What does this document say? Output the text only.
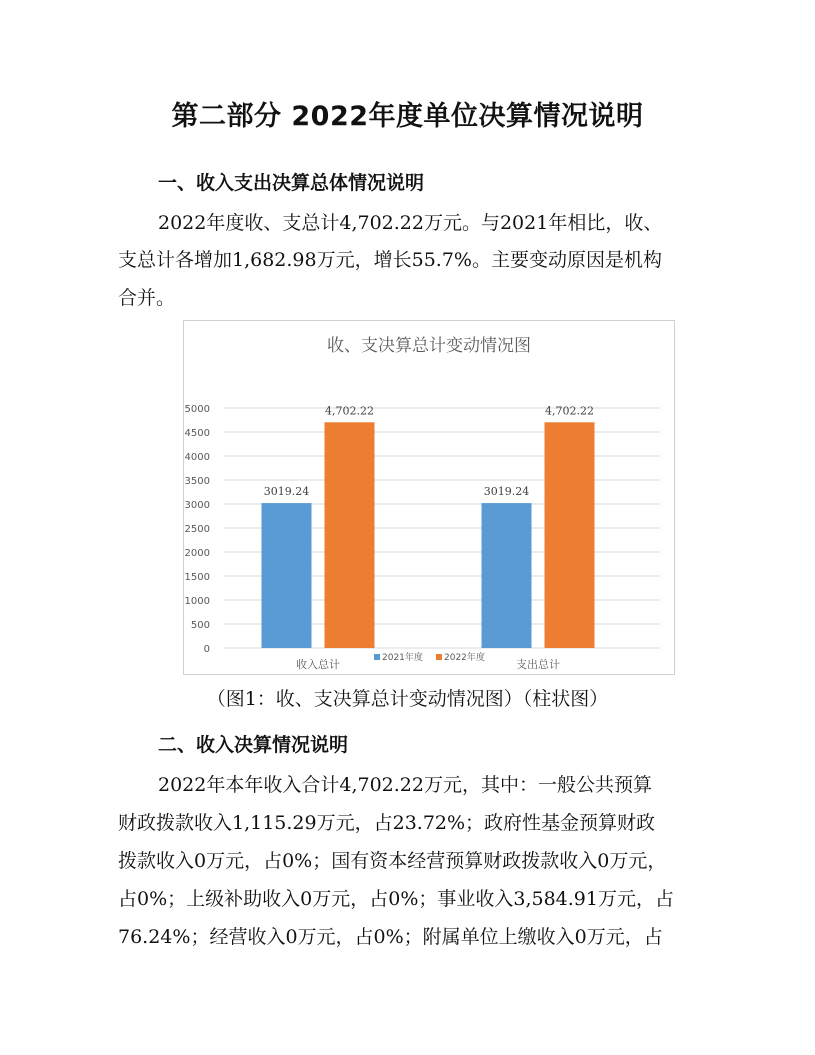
第二部分 2022年度单位决算情况说明
一、收入支出决算总体情况说明
2022年度收、支总计4,702.22万元。与2021年相比，收、
支总计各增加1,682.98万元，增长55.7%。主要变动原因是机构
合并。
收、支决算总计变动情况图
0
500
1000
1500
2000
2500
3000
3500
4000
4500
5000
3019.24
4,702.22
收入总计
3019.24
4,702.22
支出总计
2021年度 2022年度
（图1：收、支决算总计变动情况图）（柱状图）
二、收入决算情况说明
2022年本年收入合计4,702.22万元，其中：一般公共预算
财政拨款收入1,115.29万元，占23.72%；政府性基金预算财政
拨款收入0万元，占0%；国有资本经营预算财政拨款收入0万元，
占0%；上级补助收入0万元，占0%；事业收入3,584.91万元，占
76.24%；经营收入0万元，占0%；附属单位上缴收入0万元，占
